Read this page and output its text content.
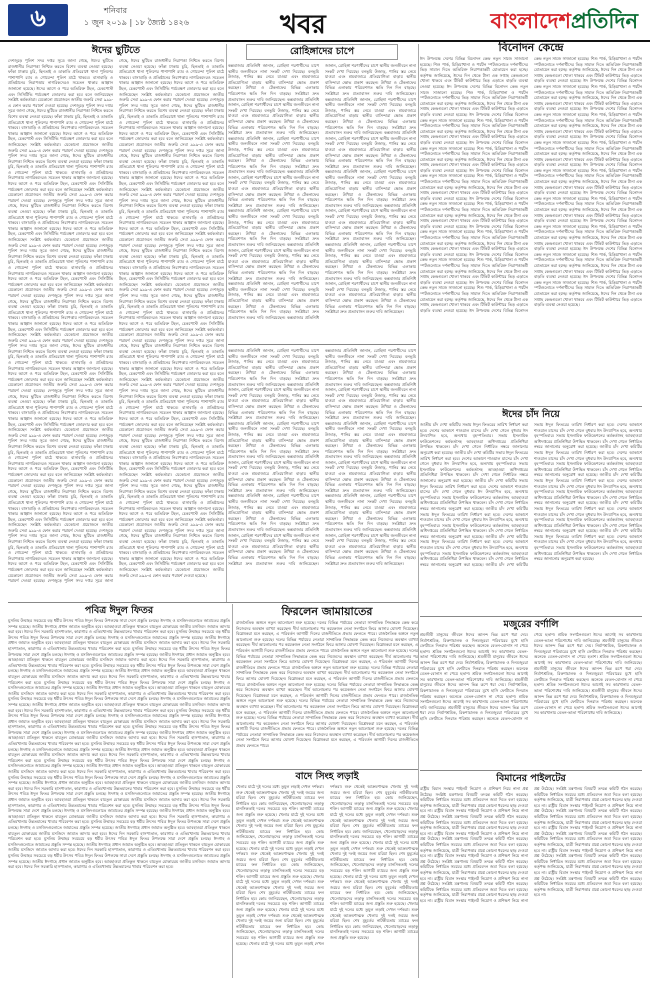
৬	শনিবার
১ জুন ২০১৯ | ১৮ জ্যৈষ্ঠ ১৪২৬	খবর	বাংলাদেশপ্রতিদিন
ঈদের ছুটিতে
দেশজুড়ে পুলিশ সদর দপ্তর সূত্রে জানা গেছে, ঈদের ছুটিতে রাজধানীর নিরাপত্তা নিশ্চিত করতে বিশেষ ব্যবস্থা নেওয়া হয়েছে। ফাঁকা ঢাকায় চুরি, ছিনতাই ও ডাকাতি প্রতিরোধে থানা পুলিশের পাশাপাশি র‍্যাব ও গোয়েন্দা পুলিশ মাঠে থাকবে। বাসাবাড়ি ও প্রতিষ্ঠানের নিরাপত্তায় নাগরিকদেরও সচেতন থাকার আহ্বান জানানো হয়েছে। ঈদের আগে ও পরে অতিরিক্ত টহল, চেকপোস্ট এবং সিসিটিভি পর্যবেক্ষণ জোরদার করা হবে বলে জানিয়েছেন সংশ্লিষ্ট কর্মকর্তারা। যেকোনো প্রয়োজনে জাতীয় জরুরি সেবা ৯৯৯-এ ফোন করার পরামর্শ দেওয়া হয়েছে। দেশজুড়ে পুলিশ সদর দপ্তর সূত্রে জানা গেছে, ঈদের ছুটিতে রাজধানীর নিরাপত্তা নিশ্চিত করতে বিশেষ ব্যবস্থা নেওয়া হয়েছে। ফাঁকা ঢাকায় চুরি, ছিনতাই ও ডাকাতি প্রতিরোধে থানা পুলিশের পাশাপাশি র‍্যাব ও গোয়েন্দা পুলিশ মাঠে থাকবে। বাসাবাড়ি ও প্রতিষ্ঠানের নিরাপত্তায় নাগরিকদেরও সচেতন থাকার আহ্বান জানানো হয়েছে। ঈদের আগে ও পরে অতিরিক্ত টহল, চেকপোস্ট এবং সিসিটিভি পর্যবেক্ষণ জোরদার করা হবে বলে জানিয়েছেন সংশ্লিষ্ট কর্মকর্তারা। যেকোনো প্রয়োজনে জাতীয় জরুরি সেবা ৯৯৯-এ ফোন করার পরামর্শ দেওয়া হয়েছে। দেশজুড়ে পুলিশ সদর দপ্তর সূত্রে জানা গেছে, ঈদের ছুটিতে রাজধানীর নিরাপত্তা নিশ্চিত করতে বিশেষ ব্যবস্থা নেওয়া হয়েছে। ফাঁকা ঢাকায় চুরি, ছিনতাই ও ডাকাতি প্রতিরোধে থানা পুলিশের পাশাপাশি র‍্যাব ও গোয়েন্দা পুলিশ মাঠে থাকবে। বাসাবাড়ি ও প্রতিষ্ঠানের নিরাপত্তায় নাগরিকদেরও সচেতন থাকার আহ্বান জানানো হয়েছে। ঈদের আগে ও পরে অতিরিক্ত টহল, চেকপোস্ট এবং সিসিটিভি পর্যবেক্ষণ জোরদার করা হবে বলে জানিয়েছেন সংশ্লিষ্ট কর্মকর্তারা। যেকোনো প্রয়োজনে জাতীয় জরুরি সেবা ৯৯৯-এ ফোন করার পরামর্শ দেওয়া হয়েছে। দেশজুড়ে পুলিশ সদর দপ্তর সূত্রে জানা গেছে, ঈদের ছুটিতে রাজধানীর নিরাপত্তা নিশ্চিত করতে বিশেষ ব্যবস্থা নেওয়া হয়েছে। ফাঁকা ঢাকায় চুরি, ছিনতাই ও ডাকাতি প্রতিরোধে থানা পুলিশের পাশাপাশি র‍্যাব ও গোয়েন্দা পুলিশ মাঠে থাকবে। বাসাবাড়ি ও প্রতিষ্ঠানের নিরাপত্তায় নাগরিকদেরও সচেতন থাকার আহ্বান জানানো হয়েছে। ঈদের আগে ও পরে অতিরিক্ত টহল, চেকপোস্ট এবং সিসিটিভি পর্যবেক্ষণ জোরদার করা হবে বলে জানিয়েছেন সংশ্লিষ্ট কর্মকর্তারা। যেকোনো প্রয়োজনে জাতীয় জরুরি সেবা ৯৯৯-এ ফোন করার পরামর্শ দেওয়া হয়েছে। দেশজুড়ে পুলিশ সদর দপ্তর সূত্রে জানা গেছে, ঈদের ছুটিতে রাজধানীর নিরাপত্তা নিশ্চিত করতে বিশেষ ব্যবস্থা নেওয়া হয়েছে। ফাঁকা ঢাকায় চুরি, ছিনতাই ও ডাকাতি প্রতিরোধে থানা পুলিশের পাশাপাশি র‍্যাব ও গোয়েন্দা পুলিশ মাঠে থাকবে। বাসাবাড়ি ও প্রতিষ্ঠানের নিরাপত্তায় নাগরিকদেরও সচেতন থাকার আহ্বান জানানো হয়েছে। ঈদের আগে ও পরে অতিরিক্ত টহল, চেকপোস্ট এবং সিসিটিভি পর্যবেক্ষণ জোরদার করা হবে বলে জানিয়েছেন সংশ্লিষ্ট কর্মকর্তারা। যেকোনো প্রয়োজনে জাতীয় জরুরি সেবা ৯৯৯-এ ফোন করার পরামর্শ দেওয়া হয়েছে। দেশজুড়ে পুলিশ সদর দপ্তর সূত্রে জানা গেছে, ঈদের ছুটিতে রাজধানীর নিরাপত্তা নিশ্চিত করতে বিশেষ ব্যবস্থা নেওয়া হয়েছে। ফাঁকা ঢাকায় চুরি, ছিনতাই ও ডাকাতি প্রতিরোধে থানা পুলিশের পাশাপাশি র‍্যাব ও গোয়েন্দা পুলিশ মাঠে থাকবে। বাসাবাড়ি ও প্রতিষ্ঠানের নিরাপত্তায় নাগরিকদেরও সচেতন থাকার আহ্বান জানানো হয়েছে। ঈদের আগে ও পরে অতিরিক্ত টহল, চেকপোস্ট এবং সিসিটিভি পর্যবেক্ষণ জোরদার করা হবে বলে জানিয়েছেন সংশ্লিষ্ট কর্মকর্তারা। যেকোনো প্রয়োজনে জাতীয় জরুরি সেবা ৯৯৯-এ ফোন করার পরামর্শ দেওয়া হয়েছে। দেশজুড়ে পুলিশ সদর দপ্তর সূত্রে জানা গেছে, ঈদের ছুটিতে রাজধানীর নিরাপত্তা নিশ্চিত করতে বিশেষ ব্যবস্থা নেওয়া হয়েছে। ফাঁকা ঢাকায় চুরি, ছিনতাই ও ডাকাতি প্রতিরোধে থানা পুলিশের পাশাপাশি র‍্যাব ও গোয়েন্দা পুলিশ মাঠে থাকবে। বাসাবাড়ি ও প্রতিষ্ঠানের নিরাপত্তায় নাগরিকদেরও সচেতন থাকার আহ্বান জানানো হয়েছে। ঈদের আগে ও পরে অতিরিক্ত টহল, চেকপোস্ট এবং সিসিটিভি পর্যবেক্ষণ জোরদার করা হবে বলে জানিয়েছেন সংশ্লিষ্ট কর্মকর্তারা। যেকোনো প্রয়োজনে জাতীয় জরুরি সেবা ৯৯৯-এ ফোন করার পরামর্শ দেওয়া হয়েছে। দেশজুড়ে পুলিশ সদর দপ্তর সূত্রে জানা গেছে, ঈদের ছুটিতে রাজধানীর নিরাপত্তা নিশ্চিত করতে বিশেষ ব্যবস্থা নেওয়া হয়েছে। ফাঁকা ঢাকায় চুরি, ছিনতাই ও ডাকাতি প্রতিরোধে থানা পুলিশের পাশাপাশি র‍্যাব ও গোয়েন্দা পুলিশ মাঠে থাকবে। বাসাবাড়ি ও প্রতিষ্ঠানের নিরাপত্তায় নাগরিকদেরও সচেতন থাকার আহ্বান জানানো হয়েছে। ঈদের আগে ও পরে অতিরিক্ত টহল, চেকপোস্ট এবং সিসিটিভি পর্যবেক্ষণ জোরদার করা হবে বলে জানিয়েছেন সংশ্লিষ্ট কর্মকর্তারা। যেকোনো প্রয়োজনে জাতীয় জরুরি সেবা ৯৯৯-এ ফোন করার পরামর্শ দেওয়া হয়েছে। দেশজুড়ে পুলিশ সদর দপ্তর সূত্রে জানা গেছে, ঈদের ছুটিতে রাজধানীর নিরাপত্তা নিশ্চিত করতে বিশেষ ব্যবস্থা নেওয়া হয়েছে। ফাঁকা ঢাকায় চুরি, ছিনতাই ও ডাকাতি প্রতিরোধে থানা পুলিশের পাশাপাশি র‍্যাব ও গোয়েন্দা পুলিশ মাঠে থাকবে। বাসাবাড়ি ও প্রতিষ্ঠানের নিরাপত্তায় নাগরিকদেরও সচেতন থাকার আহ্বান জানানো হয়েছে। ঈদের আগে ও পরে অতিরিক্ত টহল, চেকপোস্ট এবং সিসিটিভি পর্যবেক্ষণ জোরদার করা হবে বলে জানিয়েছেন সংশ্লিষ্ট কর্মকর্তারা। যেকোনো প্রয়োজনে জাতীয় জরুরি সেবা ৯৯৯-এ ফোন করার পরামর্শ দেওয়া হয়েছে। দেশজুড়ে পুলিশ সদর দপ্তর সূত্রে জানা গেছে, ঈদের ছুটিতে রাজধানীর নিরাপত্তা নিশ্চিত করতে বিশেষ ব্যবস্থা নেওয়া হয়েছে। ফাঁকা ঢাকায় চুরি, ছিনতাই ও ডাকাতি প্রতিরোধে থানা পুলিশের পাশাপাশি র‍্যাব ও গোয়েন্দা পুলিশ মাঠে থাকবে। বাসাবাড়ি ও প্রতিষ্ঠানের নিরাপত্তায় নাগরিকদেরও সচেতন থাকার আহ্বান জানানো হয়েছে। ঈদের আগে ও পরে অতিরিক্ত টহল, চেকপোস্ট এবং সিসিটিভি পর্যবেক্ষণ জোরদার করা হবে বলে জানিয়েছেন সংশ্লিষ্ট কর্মকর্তারা। যেকোনো প্রয়োজনে জাতীয় জরুরি সেবা ৯৯৯-এ ফোন করার পরামর্শ দেওয়া হয়েছে। দেশজুড়ে পুলিশ সদর দপ্তর সূত্রে জানা গেছে, ঈদের ছুটিতে রাজধানীর নিরাপত্তা নিশ্চিত করতে বিশেষ ব্যবস্থা নেওয়া হয়েছে। ফাঁকা ঢাকায় চুরি, ছিনতাই ও ডাকাতি প্রতিরোধে থানা পুলিশের পাশাপাশি র‍্যাব ও গোয়েন্দা পুলিশ মাঠে থাকবে। বাসাবাড়ি ও প্রতিষ্ঠানের নিরাপত্তায় নাগরিকদেরও সচেতন থাকার আহ্বান জানানো হয়েছে। ঈদের আগে ও পরে অতিরিক্ত টহল, চেকপোস্ট এবং সিসিটিভি পর্যবেক্ষণ জোরদার করা হবে বলে জানিয়েছেন সংশ্লিষ্ট কর্মকর্তারা। যেকোনো প্রয়োজনে জাতীয় জরুরি সেবা ৯৯৯-এ ফোন করার পরামর্শ দেওয়া হয়েছে। দেশজুড়ে পুলিশ সদর দপ্তর সূত্রে জানা গেছে, ঈদের ছুটিতে রাজধানীর নিরাপত্তা নিশ্চিত করতে বিশেষ ব্যবস্থা নেওয়া হয়েছে। ফাঁকা ঢাকায় চুরি, ছিনতাই ও ডাকাতি প্রতিরোধে থানা পুলিশের পাশাপাশি র‍্যাব ও গোয়েন্দা পুলিশ মাঠে থাকবে। বাসাবাড়ি ও প্রতিষ্ঠানের নিরাপত্তায় নাগরিকদেরও সচেতন থাকার আহ্বান জানানো হয়েছে। ঈদের আগে ও পরে অতিরিক্ত টহল, চেকপোস্ট এবং সিসিটিভি পর্যবেক্ষণ জোরদার করা হবে বলে জানিয়েছেন সংশ্লিষ্ট কর্মকর্তারা। যেকোনো প্রয়োজনে জাতীয় জরুরি সেবা ৯৯৯-এ ফোন করার পরামর্শ দেওয়া হয়েছে। দেশজুড়ে পুলিশ সদর দপ্তর সূত্রে জানা গেছে, ঈদের ছুটিতে রাজধানীর নিরাপত্তা নিশ্চিত করতে বিশেষ ব্যবস্থা নেওয়া হয়েছে। ফাঁকা ঢাকায় চুরি, ছিনতাই ও ডাকাতি প্রতিরোধে থানা পুলিশের পাশাপাশি র‍্যাব ও গোয়েন্দা পুলিশ মাঠে থাকবে। বাসাবাড়ি ও প্রতিষ্ঠানের নিরাপত্তায় নাগরিকদেরও সচেতন থাকার আহ্বান জানানো হয়েছে। ঈদের আগে ও পরে অতিরিক্ত টহল, চেকপোস্ট এবং সিসিটিভি পর্যবেক্ষণ জোরদার করা হবে বলে জানিয়েছেন সংশ্লিষ্ট কর্মকর্তারা। যেকোনো প্রয়োজনে জাতীয় জরুরি সেবা ৯৯৯-এ ফোন করার পরামর্শ দেওয়া হয়েছে। দেশজুড়ে পুলিশ সদর দপ্তর সূত্রে জানা গেছে, ঈদের ছুটিতে রাজধানীর নিরাপত্তা নিশ্চিত করতে বিশেষ ব্যবস্থা নেওয়া হয়েছে। ফাঁকা ঢাকায় চুরি, ছিনতাই ও ডাকাতি প্রতিরোধে থানা পুলিশের পাশাপাশি র‍্যাব ও গোয়েন্দা পুলিশ মাঠে থাকবে। বাসাবাড়ি ও প্রতিষ্ঠানের নিরাপত্তায় নাগরিকদেরও সচেতন থাকার আহ্বান জানানো হয়েছে। ঈদের আগে ও পরে অতিরিক্ত টহল, চেকপোস্ট এবং সিসিটিভি পর্যবেক্ষণ জোরদার করা হবে বলে জানিয়েছেন সংশ্লিষ্ট কর্মকর্তারা। যেকোনো প্রয়োজনে জাতীয় জরুরি সেবা ৯৯৯-এ ফোন করার পরামর্শ দেওয়া হয়েছে। দেশজুড়ে পুলিশ সদর দপ্তর সূত্রে জানা গেছে, ঈদের ছুটিতে রাজধানীর নিরাপত্তা নিশ্চিত করতে বিশেষ ব্যবস্থা নেওয়া হয়েছে। ফাঁকা ঢাকায় চুরি, ছিনতাই ও ডাকাতি প্রতিরোধে থানা পুলিশের পাশাপাশি র‍্যাব ও গোয়েন্দা পুলিশ মাঠে থাকবে। বাসাবাড়ি ও প্রতিষ্ঠানের নিরাপত্তায় নাগরিকদেরও সচেতন থাকার আহ্বান জানানো হয়েছে। ঈদের আগে ও পরে অতিরিক্ত টহল, চেকপোস্ট এবং সিসিটিভি পর্যবেক্ষণ জোরদার করা হবে বলে জানিয়েছেন সংশ্লিষ্ট কর্মকর্তারা। যেকোনো প্রয়োজনে জাতীয় জরুরি সেবা ৯৯৯-এ ফোন করার পরামর্শ দেওয়া হয়েছে। দেশজুড়ে পুলিশ সদর দপ্তর সূত্রে জানা গেছে, ঈদের ছুটিতে রাজধানীর নিরাপত্তা নিশ্চিত করতে বিশেষ ব্যবস্থা নেওয়া হয়েছে। ফাঁকা ঢাকায় চুরি, ছিনতাই ও ডাকাতি প্রতিরোধে থানা পুলিশের পাশাপাশি র‍্যাব ও গোয়েন্দা পুলিশ মাঠে থাকবে। বাসাবাড়ি ও প্রতিষ্ঠানের নিরাপত্তায় নাগরিকদেরও সচেতন থাকার আহ্বান জানানো হয়েছে। ঈদের আগে ও পরে অতিরিক্ত টহল, চেকপোস্ট এবং সিসিটিভি পর্যবেক্ষণ জোরদার করা হবে বলে জানিয়েছেন সংশ্লিষ্ট কর্মকর্তারা। যেকোনো প্রয়োজনে জাতীয় জরুরি সেবা ৯৯৯-এ ফোন করার পরামর্শ দেওয়া হয়েছে। দেশজুড়ে পুলিশ সদর দপ্তর সূত্রে জানা গেছে, ঈদের ছুটিতে রাজধানীর নিরাপত্তা নিশ্চিত করতে বিশেষ ব্যবস্থা নেওয়া হয়েছে। ফাঁকা ঢাকায় চুরি, ছিনতাই ও ডাকাতি প্রতিরোধে থানা পুলিশের পাশাপাশি র‍্যাব ও গোয়েন্দা পুলিশ মাঠে থাকবে। বাসাবাড়ি ও প্রতিষ্ঠানের নিরাপত্তায় নাগরিকদেরও সচেতন থাকার আহ্বান জানানো হয়েছে। ঈদের আগে ও পরে অতিরিক্ত টহল, চেকপোস্ট এবং সিসিটিভি পর্যবেক্ষণ জোরদার করা হবে বলে জানিয়েছেন সংশ্লিষ্ট কর্মকর্তারা। যেকোনো প্রয়োজনে জাতীয় জরুরি সেবা ৯৯৯-এ ফোন করার পরামর্শ দেওয়া হয়েছে। দেশজুড়ে পুলিশ সদর দপ্তর সূত্রে জানা গেছে, ঈদের ছুটিতে রাজধানীর নিরাপত্তা নিশ্চিত করতে বিশেষ ব্যবস্থা নেওয়া হয়েছে। ফাঁকা ঢাকায় চুরি, ছিনতাই ও ডাকাতি প্রতিরোধে থানা পুলিশের পাশাপাশি র‍্যাব ও গোয়েন্দা পুলিশ মাঠে থাকবে। বাসাবাড়ি ও প্রতিষ্ঠানের নিরাপত্তায় নাগরিকদেরও সচেতন থাকার আহ্বান জানানো হয়েছে। ঈদের আগে ও পরে অতিরিক্ত টহল, চেকপোস্ট এবং সিসিটিভি পর্যবেক্ষণ জোরদার করা হবে বলে জানিয়েছেন সংশ্লিষ্ট কর্মকর্তারা। যেকোনো প্রয়োজনে জাতীয় জরুরি সেবা ৯৯৯-এ ফোন করার পরামর্শ দেওয়া হয়েছে। দেশজুড়ে পুলিশ সদর দপ্তর সূত্রে জানা গেছে, ঈদের ছুটিতে রাজধানীর নিরাপত্তা নিশ্চিত করতে বিশেষ ব্যবস্থা নেওয়া হয়েছে। ফাঁকা ঢাকায় চুরি, ছিনতাই ও ডাকাতি প্রতিরোধে থানা পুলিশের পাশাপাশি র‍্যাব ও গোয়েন্দা পুলিশ মাঠে থাকবে। বাসাবাড়ি ও প্রতিষ্ঠানের নিরাপত্তায় নাগরিকদেরও সচেতন থাকার আহ্বান জানানো হয়েছে। ঈদের আগে ও পরে অতিরিক্ত টহল, চেকপোস্ট এবং সিসিটিভি পর্যবেক্ষণ জোরদার করা হবে বলে জানিয়েছেন সংশ্লিষ্ট কর্মকর্তারা। যেকোনো প্রয়োজনে জাতীয় জরুরি সেবা ৯৯৯-এ ফোন করার পরামর্শ দেওয়া হয়েছে। দেশজুড়ে পুলিশ সদর দপ্তর সূত্রে জানা গেছে, ঈদের ছুটিতে রাজধানীর নিরাপত্তা নিশ্চিত করতে বিশেষ ব্যবস্থা নেওয়া হয়েছে। ফাঁকা ঢাকায় চুরি, ছিনতাই ও ডাকাতি প্রতিরোধে থানা পুলিশের পাশাপাশি র‍্যাব ও গোয়েন্দা পুলিশ মাঠে থাকবে। বাসাবাড়ি ও প্রতিষ্ঠানের নিরাপত্তায় নাগরিকদেরও সচেতন থাকার আহ্বান জানানো হয়েছে। ঈদের আগে ও পরে অতিরিক্ত টহল, চেকপোস্ট এবং সিসিটিভি পর্যবেক্ষণ জোরদার করা হবে বলে জানিয়েছেন সংশ্লিষ্ট কর্মকর্তারা। যেকোনো প্রয়োজনে জাতীয় জরুরি সেবা ৯৯৯-এ ফোন করার পরামর্শ দেওয়া হয়েছে। দেশজুড়ে পুলিশ সদর দপ্তর সূত্রে জানা গেছে, ঈদের ছুটিতে রাজধানীর নিরাপত্তা নিশ্চিত করতে বিশেষ ব্যবস্থা নেওয়া হয়েছে। ফাঁকা ঢাকায় চুরি, ছিনতাই ও ডাকাতি প্রতিরোধে থানা পুলিশের পাশাপাশি র‍্যাব ও গোয়েন্দা পুলিশ মাঠে থাকবে। বাসাবাড়ি ও প্রতিষ্ঠানের নিরাপত্তায় নাগরিকদেরও সচেতন থাকার আহ্বান জানানো হয়েছে। ঈদের আগে ও পরে অতিরিক্ত টহল, চেকপোস্ট এবং সিসিটিভি পর্যবেক্ষণ জোরদার করা হবে বলে জানিয়েছেন সংশ্লিষ্ট কর্মকর্তারা। যেকোনো প্রয়োজনে জাতীয় জরুরি সেবা ৯৯৯-এ ফোন করার পরামর্শ দেওয়া হয়েছে। দেশজুড়ে পুলিশ সদর দপ্তর সূত্রে জানা গেছে, ঈদের ছুটিতে রাজধানীর নিরাপত্তা নিশ্চিত করতে বিশেষ ব্যবস্থা নেওয়া হয়েছে। ফাঁকা ঢাকায় চুরি, ছিনতাই ও ডাকাতি প্রতিরোধে থানা পুলিশের পাশাপাশি র‍্যাব ও গোয়েন্দা পুলিশ মাঠে থাকবে। বাসাবাড়ি ও প্রতিষ্ঠানের নিরাপত্তায় নাগরিকদেরও সচেতন থাকার আহ্বান জানানো হয়েছে। ঈদের আগে ও পরে অতিরিক্ত টহল, চেকপোস্ট এবং সিসিটিভি পর্যবেক্ষণ জোরদার করা হবে বলে জানিয়েছেন সংশ্লিষ্ট কর্মকর্তারা। যেকোনো প্রয়োজনে জাতীয় জরুরি সেবা ৯৯৯-এ ফোন করার পরামর্শ দেওয়া হয়েছে।
রোহিঙ্গাদের চাপে
কক্সবাজার প্রতিনিধি জানান, রোহিঙ্গা শরণার্থীদের চাপে স্থানীয় জনজীবনে নানা সংকট দেখা দিয়েছে। বনভূমি উজাড়, পানির স্তর নেমে যাওয়া এবং শ্রমবাজারে প্রতিযোগিতা বাড়ায় স্থানীয় বাসিন্দারা ক্ষোভ প্রকাশ করছেন। উখিয়া ও টেকনাফের বিভিন্ন এলাকায় পরিবেশগত ক্ষতি দিন দিন বাড়ছে। সংশ্লিষ্টরা দ্রুত প্রত্যাবাসন শুরুর দাবি জানিয়েছেন। কক্সবাজার প্রতিনিধি জানান, রোহিঙ্গা শরণার্থীদের চাপে স্থানীয় জনজীবনে নানা সংকট দেখা দিয়েছে। বনভূমি উজাড়, পানির স্তর নেমে যাওয়া এবং শ্রমবাজারে প্রতিযোগিতা বাড়ায় স্থানীয় বাসিন্দারা ক্ষোভ প্রকাশ করছেন। উখিয়া ও টেকনাফের বিভিন্ন এলাকায় পরিবেশগত ক্ষতি দিন দিন বাড়ছে। সংশ্লিষ্টরা দ্রুত প্রত্যাবাসন শুরুর দাবি জানিয়েছেন। কক্সবাজার প্রতিনিধি জানান, রোহিঙ্গা শরণার্থীদের চাপে স্থানীয় জনজীবনে নানা সংকট দেখা দিয়েছে। বনভূমি উজাড়, পানির স্তর নেমে যাওয়া এবং শ্রমবাজারে প্রতিযোগিতা বাড়ায় স্থানীয় বাসিন্দারা ক্ষোভ প্রকাশ করছেন। উখিয়া ও টেকনাফের বিভিন্ন এলাকায় পরিবেশগত ক্ষতি দিন দিন বাড়ছে। সংশ্লিষ্টরা দ্রুত প্রত্যাবাসন শুরুর দাবি জানিয়েছেন। কক্সবাজার প্রতিনিধি জানান, রোহিঙ্গা শরণার্থীদের চাপে স্থানীয় জনজীবনে নানা সংকট দেখা দিয়েছে। বনভূমি উজাড়, পানির স্তর নেমে যাওয়া এবং শ্রমবাজারে প্রতিযোগিতা বাড়ায় স্থানীয় বাসিন্দারা ক্ষোভ প্রকাশ করছেন। উখিয়া ও টেকনাফের বিভিন্ন এলাকায় পরিবেশগত ক্ষতি দিন দিন বাড়ছে। সংশ্লিষ্টরা দ্রুত প্রত্যাবাসন শুরুর দাবি জানিয়েছেন। কক্সবাজার প্রতিনিধি জানান, রোহিঙ্গা শরণার্থীদের চাপে স্থানীয় জনজীবনে নানা সংকট দেখা দিয়েছে। বনভূমি উজাড়, পানির স্তর নেমে যাওয়া এবং শ্রমবাজারে প্রতিযোগিতা বাড়ায় স্থানীয় বাসিন্দারা ক্ষোভ প্রকাশ করছেন। উখিয়া ও টেকনাফের বিভিন্ন এলাকায় পরিবেশগত ক্ষতি দিন দিন বাড়ছে। সংশ্লিষ্টরা দ্রুত প্রত্যাবাসন শুরুর দাবি জানিয়েছেন। কক্সবাজার প্রতিনিধি জানান, রোহিঙ্গা শরণার্থীদের চাপে স্থানীয় জনজীবনে নানা সংকট দেখা দিয়েছে। বনভূমি উজাড়, পানির স্তর নেমে যাওয়া এবং শ্রমবাজারে প্রতিযোগিতা বাড়ায় স্থানীয় বাসিন্দারা ক্ষোভ প্রকাশ করছেন। উখিয়া ও টেকনাফের বিভিন্ন এলাকায় পরিবেশগত ক্ষতি দিন দিন বাড়ছে। সংশ্লিষ্টরা দ্রুত প্রত্যাবাসন শুরুর দাবি জানিয়েছেন। কক্সবাজার প্রতিনিধি জানান, রোহিঙ্গা শরণার্থীদের চাপে স্থানীয় জনজীবনে নানা সংকট দেখা দিয়েছে। বনভূমি উজাড়, পানির স্তর নেমে যাওয়া এবং শ্রমবাজারে প্রতিযোগিতা বাড়ায় স্থানীয় বাসিন্দারা ক্ষোভ প্রকাশ করছেন। উখিয়া ও টেকনাফের বিভিন্ন এলাকায় পরিবেশগত ক্ষতি দিন দিন বাড়ছে। সংশ্লিষ্টরা দ্রুত প্রত্যাবাসন শুরুর দাবি জানিয়েছেন। কক্সবাজার প্রতিনিধি জানান, রোহিঙ্গা শরণার্থীদের চাপে স্থানীয় জনজীবনে নানা সংকট দেখা দিয়েছে। বনভূমি উজাড়, পানির স্তর নেমে যাওয়া এবং শ্রমবাজারে প্রতিযোগিতা বাড়ায় স্থানীয় বাসিন্দারা ক্ষোভ প্রকাশ করছেন। উখিয়া ও টেকনাফের বিভিন্ন এলাকায় পরিবেশগত ক্ষতি দিন দিন বাড়ছে। সংশ্লিষ্টরা দ্রুত প্রত্যাবাসন শুরুর দাবি জানিয়েছেন। কক্সবাজার প্রতিনিধি জানান, রোহিঙ্গা শরণার্থীদের চাপে স্থানীয় জনজীবনে নানা সংকট দেখা দিয়েছে। বনভূমি উজাড়, পানির স্তর নেমে যাওয়া এবং শ্রমবাজারে প্রতিযোগিতা বাড়ায় স্থানীয় বাসিন্দারা ক্ষোভ প্রকাশ করছেন। উখিয়া ও টেকনাফের বিভিন্ন এলাকায় পরিবেশগত ক্ষতি দিন দিন বাড়ছে। সংশ্লিষ্টরা দ্রুত প্রত্যাবাসন শুরুর দাবি জানিয়েছেন। কক্সবাজার প্রতিনিধি জানান, রোহিঙ্গা শরণার্থীদের চাপে স্থানীয় জনজীবনে নানা সংকট দেখা দিয়েছে। বনভূমি উজাড়, পানির স্তর নেমে যাওয়া এবং শ্রমবাজারে প্রতিযোগিতা বাড়ায় স্থানীয় বাসিন্দারা ক্ষোভ প্রকাশ করছেন। উখিয়া ও টেকনাফের বিভিন্ন এলাকায় পরিবেশগত ক্ষতি দিন দিন বাড়ছে। সংশ্লিষ্টরা দ্রুত প্রত্যাবাসন শুরুর দাবি জানিয়েছেন। কক্সবাজার প্রতিনিধি জানান, রোহিঙ্গা শরণার্থীদের চাপে স্থানীয় জনজীবনে নানা সংকট দেখা দিয়েছে। বনভূমি উজাড়, পানির স্তর নেমে যাওয়া এবং শ্রমবাজারে প্রতিযোগিতা বাড়ায় স্থানীয় বাসিন্দারা ক্ষোভ প্রকাশ করছেন। উখিয়া ও টেকনাফের বিভিন্ন এলাকায় পরিবেশগত ক্ষতি দিন দিন বাড়ছে। সংশ্লিষ্টরা দ্রুত প্রত্যাবাসন শুরুর দাবি জানিয়েছেন। কক্সবাজার প্রতিনিধি জানান, রোহিঙ্গা শরণার্থীদের চাপে স্থানীয় জনজীবনে নানা সংকট দেখা দিয়েছে। বনভূমি উজাড়, পানির স্তর নেমে যাওয়া এবং শ্রমবাজারে প্রতিযোগিতা বাড়ায় স্থানীয় বাসিন্দারা ক্ষোভ প্রকাশ করছেন। উখিয়া ও টেকনাফের বিভিন্ন এলাকায় পরিবেশগত ক্ষতি দিন দিন বাড়ছে। সংশ্লিষ্টরা দ্রুত প্রত্যাবাসন শুরুর দাবি জানিয়েছেন। কক্সবাজার প্রতিনিধি জানান, রোহিঙ্গা শরণার্থীদের চাপে স্থানীয় জনজীবনে নানা সংকট দেখা দিয়েছে। বনভূমি উজাড়, পানির স্তর নেমে যাওয়া এবং শ্রমবাজারে প্রতিযোগিতা বাড়ায় স্থানীয় বাসিন্দারা ক্ষোভ প্রকাশ করছেন। উখিয়া ও টেকনাফের বিভিন্ন এলাকায় পরিবেশগত ক্ষতি দিন দিন বাড়ছে। সংশ্লিষ্টরা দ্রুত প্রত্যাবাসন শুরুর দাবি জানিয়েছেন। কক্সবাজার প্রতিনিধি জানান, রোহিঙ্গা শরণার্থীদের চাপে স্থানীয় জনজীবনে নানা সংকট দেখা দিয়েছে। বনভূমি উজাড়, পানির স্তর নেমে যাওয়া এবং শ্রমবাজারে প্রতিযোগিতা বাড়ায় স্থানীয় বাসিন্দারা ক্ষোভ প্রকাশ করছেন। উখিয়া ও টেকনাফের বিভিন্ন এলাকায় পরিবেশগত ক্ষতি দিন দিন বাড়ছে। সংশ্লিষ্টরা দ্রুত প্রত্যাবাসন শুরুর দাবি জানিয়েছেন।
বিনোদন কেন্দ্রে
ঈদ উপলক্ষে দেশের বিভিন্ন বিনোদন কেন্দ্র নতুন সাজে সাজানো হয়েছে। শিশু পার্ক, চিড়িয়াখানা ও পর্যটন স্পটগুলোতে দর্শনার্থীদের ভিড় সামাল দিতে অতিরিক্ত নিরাপত্তাকর্মী মোতায়েন করা হচ্ছে। কর্তৃপক্ষ জানিয়েছে, ঈদের দিন থেকে টানা এক সপ্তাহ কেন্দ্রগুলো খোলা থাকবে এবং টিকিট কাউন্টারে ভিড় এড়াতে বাড়তি ব্যবস্থা নেওয়া হয়েছে। ঈদ উপলক্ষে দেশের বিভিন্ন বিনোদন কেন্দ্র নতুন সাজে সাজানো হয়েছে। শিশু পার্ক, চিড়িয়াখানা ও পর্যটন স্পটগুলোতে দর্শনার্থীদের ভিড় সামাল দিতে অতিরিক্ত নিরাপত্তাকর্মী মোতায়েন করা হচ্ছে। কর্তৃপক্ষ জানিয়েছে, ঈদের দিন থেকে টানা এক সপ্তাহ কেন্দ্রগুলো খোলা থাকবে এবং টিকিট কাউন্টারে ভিড় এড়াতে বাড়তি ব্যবস্থা নেওয়া হয়েছে। ঈদ উপলক্ষে দেশের বিভিন্ন বিনোদন কেন্দ্র নতুন সাজে সাজানো হয়েছে। শিশু পার্ক, চিড়িয়াখানা ও পর্যটন স্পটগুলোতে দর্শনার্থীদের ভিড় সামাল দিতে অতিরিক্ত নিরাপত্তাকর্মী মোতায়েন করা হচ্ছে। কর্তৃপক্ষ জানিয়েছে, ঈদের দিন থেকে টানা এক সপ্তাহ কেন্দ্রগুলো খোলা থাকবে এবং টিকিট কাউন্টারে ভিড় এড়াতে বাড়তি ব্যবস্থা নেওয়া হয়েছে। ঈদ উপলক্ষে দেশের বিভিন্ন বিনোদন কেন্দ্র নতুন সাজে সাজানো হয়েছে। শিশু পার্ক, চিড়িয়াখানা ও পর্যটন স্পটগুলোতে দর্শনার্থীদের ভিড় সামাল দিতে অতিরিক্ত নিরাপত্তাকর্মী মোতায়েন করা হচ্ছে। কর্তৃপক্ষ জানিয়েছে, ঈদের দিন থেকে টানা এক সপ্তাহ কেন্দ্রগুলো খোলা থাকবে এবং টিকিট কাউন্টারে ভিড় এড়াতে বাড়তি ব্যবস্থা নেওয়া হয়েছে। ঈদ উপলক্ষে দেশের বিভিন্ন বিনোদন কেন্দ্র নতুন সাজে সাজানো হয়েছে। শিশু পার্ক, চিড়িয়াখানা ও পর্যটন স্পটগুলোতে দর্শনার্থীদের ভিড় সামাল দিতে অতিরিক্ত নিরাপত্তাকর্মী মোতায়েন করা হচ্ছে। কর্তৃপক্ষ জানিয়েছে, ঈদের দিন থেকে টানা এক সপ্তাহ কেন্দ্রগুলো খোলা থাকবে এবং টিকিট কাউন্টারে ভিড় এড়াতে বাড়তি ব্যবস্থা নেওয়া হয়েছে। ঈদ উপলক্ষে দেশের বিভিন্ন বিনোদন কেন্দ্র নতুন সাজে সাজানো হয়েছে। শিশু পার্ক, চিড়িয়াখানা ও পর্যটন স্পটগুলোতে দর্শনার্থীদের ভিড় সামাল দিতে অতিরিক্ত নিরাপত্তাকর্মী মোতায়েন করা হচ্ছে। কর্তৃপক্ষ জানিয়েছে, ঈদের দিন থেকে টানা এক সপ্তাহ কেন্দ্রগুলো খোলা থাকবে এবং টিকিট কাউন্টারে ভিড় এড়াতে বাড়তি ব্যবস্থা নেওয়া হয়েছে। ঈদ উপলক্ষে দেশের বিভিন্ন বিনোদন কেন্দ্র নতুন সাজে সাজানো হয়েছে। শিশু পার্ক, চিড়িয়াখানা ও পর্যটন স্পটগুলোতে দর্শনার্থীদের ভিড় সামাল দিতে অতিরিক্ত নিরাপত্তাকর্মী মোতায়েন করা হচ্ছে। কর্তৃপক্ষ জানিয়েছে, ঈদের দিন থেকে টানা এক সপ্তাহ কেন্দ্রগুলো খোলা থাকবে এবং টিকিট কাউন্টারে ভিড় এড়াতে বাড়তি ব্যবস্থা নেওয়া হয়েছে। ঈদ উপলক্ষে দেশের বিভিন্ন বিনোদন কেন্দ্র নতুন সাজে সাজানো হয়েছে। শিশু পার্ক, চিড়িয়াখানা ও পর্যটন স্পটগুলোতে দর্শনার্থীদের ভিড় সামাল দিতে অতিরিক্ত নিরাপত্তাকর্মী মোতায়েন করা হচ্ছে। কর্তৃপক্ষ জানিয়েছে, ঈদের দিন থেকে টানা এক সপ্তাহ কেন্দ্রগুলো খোলা থাকবে এবং টিকিট কাউন্টারে ভিড় এড়াতে বাড়তি ব্যবস্থা নেওয়া হয়েছে। ঈদ উপলক্ষে দেশের বিভিন্ন বিনোদন কেন্দ্র নতুন সাজে সাজানো হয়েছে। শিশু পার্ক, চিড়িয়াখানা ও পর্যটন স্পটগুলোতে দর্শনার্থীদের ভিড় সামাল দিতে অতিরিক্ত নিরাপত্তাকর্মী মোতায়েন করা হচ্ছে। কর্তৃপক্ষ জানিয়েছে, ঈদের দিন থেকে টানা এক সপ্তাহ কেন্দ্রগুলো খোলা থাকবে এবং টিকিট কাউন্টারে ভিড় এড়াতে বাড়তি ব্যবস্থা নেওয়া হয়েছে। ঈদ উপলক্ষে দেশের বিভিন্ন বিনোদন কেন্দ্র নতুন সাজে সাজানো হয়েছে। শিশু পার্ক, চিড়িয়াখানা ও পর্যটন স্পটগুলোতে দর্শনার্থীদের ভিড় সামাল দিতে অতিরিক্ত নিরাপত্তাকর্মী মোতায়েন করা হচ্ছে। কর্তৃপক্ষ জানিয়েছে, ঈদের দিন থেকে টানা এক সপ্তাহ কেন্দ্রগুলো খোলা থাকবে এবং টিকিট কাউন্টারে ভিড় এড়াতে বাড়তি ব্যবস্থা নেওয়া হয়েছে। ঈদ উপলক্ষে দেশের বিভিন্ন বিনোদন কেন্দ্র নতুন সাজে সাজানো হয়েছে। শিশু পার্ক, চিড়িয়াখানা ও পর্যটন স্পটগুলোতে দর্শনার্থীদের ভিড় সামাল দিতে অতিরিক্ত নিরাপত্তাকর্মী মোতায়েন করা হচ্ছে। কর্তৃপক্ষ জানিয়েছে, ঈদের দিন থেকে টানা এক সপ্তাহ কেন্দ্রগুলো খোলা থাকবে এবং টিকিট কাউন্টারে ভিড় এড়াতে বাড়তি ব্যবস্থা নেওয়া হয়েছে। ঈদ উপলক্ষে দেশের বিভিন্ন বিনোদন কেন্দ্র নতুন সাজে সাজানো হয়েছে। শিশু পার্ক, চিড়িয়াখানা ও পর্যটন স্পটগুলোতে দর্শনার্থীদের ভিড় সামাল দিতে অতিরিক্ত নিরাপত্তাকর্মী মোতায়েন করা হচ্ছে। কর্তৃপক্ষ জানিয়েছে, ঈদের দিন থেকে টানা এক সপ্তাহ কেন্দ্রগুলো খোলা থাকবে এবং টিকিট কাউন্টারে ভিড় এড়াতে বাড়তি ব্যবস্থা নেওয়া হয়েছে। ঈদ উপলক্ষে দেশের বিভিন্ন বিনোদন কেন্দ্র নতুন সাজে সাজানো হয়েছে। শিশু পার্ক, চিড়িয়াখানা ও পর্যটন স্পটগুলোতে দর্শনার্থীদের ভিড় সামাল দিতে অতিরিক্ত নিরাপত্তাকর্মী মোতায়েন করা হচ্ছে। কর্তৃপক্ষ জানিয়েছে, ঈদের দিন থেকে টানা এক সপ্তাহ কেন্দ্রগুলো খোলা থাকবে এবং টিকিট কাউন্টারে ভিড় এড়াতে বাড়তি ব্যবস্থা নেওয়া হয়েছে। ঈদ উপলক্ষে দেশের বিভিন্ন বিনোদন কেন্দ্র নতুন সাজে সাজানো হয়েছে। শিশু পার্ক, চিড়িয়াখানা ও পর্যটন স্পটগুলোতে দর্শনার্থীদের ভিড় সামাল দিতে অতিরিক্ত নিরাপত্তাকর্মী মোতায়েন করা হচ্ছে। কর্তৃপক্ষ জানিয়েছে, ঈদের দিন থেকে টানা এক সপ্তাহ কেন্দ্রগুলো খোলা থাকবে এবং টিকিট কাউন্টারে ভিড় এড়াতে বাড়তি ব্যবস্থা নেওয়া হয়েছে। ঈদ উপলক্ষে দেশের বিভিন্ন বিনোদন কেন্দ্র নতুন সাজে সাজানো হয়েছে। শিশু পার্ক, চিড়িয়াখানা ও পর্যটন স্পটগুলোতে দর্শনার্থীদের ভিড় সামাল দিতে অতিরিক্ত নিরাপত্তাকর্মী মোতায়েন করা হচ্ছে। কর্তৃপক্ষ জানিয়েছে, ঈদের দিন থেকে টানা এক সপ্তাহ কেন্দ্রগুলো খোলা থাকবে এবং টিকিট কাউন্টারে ভিড় এড়াতে বাড়তি ব্যবস্থা নেওয়া হয়েছে। ঈদ উপলক্ষে দেশের বিভিন্ন বিনোদন কেন্দ্র নতুন সাজে সাজানো হয়েছে। শিশু পার্ক, চিড়িয়াখানা ও পর্যটন স্পটগুলোতে দর্শনার্থীদের ভিড় সামাল দিতে অতিরিক্ত নিরাপত্তাকর্মী মোতায়েন করা হচ্ছে। কর্তৃপক্ষ জানিয়েছে, ঈদের দিন থেকে টানা এক সপ্তাহ কেন্দ্রগুলো খোলা থাকবে এবং টিকিট কাউন্টারে ভিড় এড়াতে বাড়তি ব্যবস্থা নেওয়া হয়েছে। ঈদ উপলক্ষে দেশের বিভিন্ন বিনোদন কেন্দ্র নতুন সাজে সাজানো হয়েছে। শিশু পার্ক, চিড়িয়াখানা ও পর্যটন স্পটগুলোতে দর্শনার্থীদের ভিড় সামাল দিতে অতিরিক্ত নিরাপত্তাকর্মী মোতায়েন করা হচ্ছে। কর্তৃপক্ষ জানিয়েছে, ঈদের দিন থেকে টানা এক সপ্তাহ কেন্দ্রগুলো খোলা থাকবে এবং টিকিট কাউন্টারে ভিড় এড়াতে বাড়তি ব্যবস্থা নেওয়া হয়েছে। ঈদ উপলক্ষে দেশের বিভিন্ন বিনোদন কেন্দ্র নতুন সাজে সাজানো হয়েছে। শিশু পার্ক, চিড়িয়াখানা ও পর্যটন স্পটগুলোতে দর্শনার্থীদের ভিড় সামাল দিতে অতিরিক্ত নিরাপত্তাকর্মী মোতায়েন করা হচ্ছে। কর্তৃপক্ষ জানিয়েছে, ঈদের দিন থেকে টানা এক সপ্তাহ কেন্দ্রগুলো খোলা থাকবে এবং টিকিট কাউন্টারে ভিড় এড়াতে বাড়তি ব্যবস্থা নেওয়া হয়েছে।
ঈদের চাঁদ নিয়ে
জাতীয় চাঁদ দেখা কমিটির সভায় ঈদুল ফিতরের তারিখ নির্ধারণ করা হবে। দেশের আকাশে শাওয়াল মাসের চাঁদ দেখা গেলে বুধবার ঈদ উদযাপিত হবে, অন্যথায় বৃহস্পতিবার। সভায় ইসলামিক ফাউন্ডেশনের কর্মকর্তাসহ আবহাওয়া অধিদপ্তরের প্রতিনিধিরা উপস্থিত থাকবেন। চাঁদ দেখা গেলে নির্ধারিত নম্বরে জানানোর অনুরোধ করা হয়েছে। জাতীয় চাঁদ দেখা কমিটির সভায় ঈদুল ফিতরের তারিখ নির্ধারণ করা হবে। দেশের আকাশে শাওয়াল মাসের চাঁদ দেখা গেলে বুধবার ঈদ উদযাপিত হবে, অন্যথায় বৃহস্পতিবার। সভায় ইসলামিক ফাউন্ডেশনের কর্মকর্তাসহ আবহাওয়া অধিদপ্তরের প্রতিনিধিরা উপস্থিত থাকবেন। চাঁদ দেখা গেলে নির্ধারিত নম্বরে জানানোর অনুরোধ করা হয়েছে। জাতীয় চাঁদ দেখা কমিটির সভায় ঈদুল ফিতরের তারিখ নির্ধারণ করা হবে। দেশের আকাশে শাওয়াল মাসের চাঁদ দেখা গেলে বুধবার ঈদ উদযাপিত হবে, অন্যথায় বৃহস্পতিবার। সভায় ইসলামিক ফাউন্ডেশনের কর্মকর্তাসহ আবহাওয়া অধিদপ্তরের প্রতিনিধিরা উপস্থিত থাকবেন। চাঁদ দেখা গেলে নির্ধারিত নম্বরে জানানোর অনুরোধ করা হয়েছে। জাতীয় চাঁদ দেখা কমিটির সভায় ঈদুল ফিতরের তারিখ নির্ধারণ করা হবে। দেশের আকাশে শাওয়াল মাসের চাঁদ দেখা গেলে বুধবার ঈদ উদযাপিত হবে, অন্যথায় বৃহস্পতিবার। সভায় ইসলামিক ফাউন্ডেশনের কর্মকর্তাসহ আবহাওয়া অধিদপ্তরের প্রতিনিধিরা উপস্থিত থাকবেন। চাঁদ দেখা গেলে নির্ধারিত নম্বরে জানানোর অনুরোধ করা হয়েছে। জাতীয় চাঁদ দেখা কমিটির সভায় ঈদুল ফিতরের তারিখ নির্ধারণ করা হবে। দেশের আকাশে শাওয়াল মাসের চাঁদ দেখা গেলে বুধবার ঈদ উদযাপিত হবে, অন্যথায় বৃহস্পতিবার। সভায় ইসলামিক ফাউন্ডেশনের কর্মকর্তাসহ আবহাওয়া অধিদপ্তরের প্রতিনিধিরা উপস্থিত থাকবেন। চাঁদ দেখা গেলে নির্ধারিত নম্বরে জানানোর অনুরোধ করা হয়েছে। জাতীয় চাঁদ দেখা কমিটির সভায় ঈদুল ফিতরের তারিখ নির্ধারণ করা হবে। দেশের আকাশে শাওয়াল মাসের চাঁদ দেখা গেলে বুধবার ঈদ উদযাপিত হবে, অন্যথায় বৃহস্পতিবার। সভায় ইসলামিক ফাউন্ডেশনের কর্মকর্তাসহ আবহাওয়া অধিদপ্তরের প্রতিনিধিরা উপস্থিত থাকবেন। চাঁদ দেখা গেলে নির্ধারিত নম্বরে জানানোর অনুরোধ করা হয়েছে। জাতীয় চাঁদ দেখা কমিটির সভায় ঈদুল ফিতরের তারিখ নির্ধারণ করা হবে। দেশের আকাশে শাওয়াল মাসের চাঁদ দেখা গেলে বুধবার ঈদ উদযাপিত হবে, অন্যথায় বৃহস্পতিবার। সভায় ইসলামিক ফাউন্ডেশনের কর্মকর্তাসহ আবহাওয়া অধিদপ্তরের প্রতিনিধিরা উপস্থিত থাকবেন। চাঁদ দেখা গেলে নির্ধারিত নম্বরে জানানোর অনুরোধ করা হয়েছে। জাতীয় চাঁদ দেখা কমিটির সভায় ঈদুল ফিতরের তারিখ নির্ধারণ করা হবে। দেশের আকাশে শাওয়াল মাসের চাঁদ দেখা গেলে বুধবার ঈদ উদযাপিত হবে, অন্যথায় বৃহস্পতিবার। সভায় ইসলামিক ফাউন্ডেশনের কর্মকর্তাসহ আবহাওয়া অধিদপ্তরের প্রতিনিধিরা উপস্থিত থাকবেন। চাঁদ দেখা গেলে নির্ধারিত নম্বরে জানানোর অনুরোধ করা হয়েছে। জাতীয় চাঁদ দেখা কমিটির সভায় ঈদুল ফিতরের তারিখ নির্ধারণ করা হবে। দেশের আকাশে শাওয়াল মাসের চাঁদ দেখা গেলে বুধবার ঈদ উদযাপিত হবে, অন্যথায় বৃহস্পতিবার। সভায় ইসলামিক ফাউন্ডেশনের কর্মকর্তাসহ আবহাওয়া অধিদপ্তরের প্রতিনিধিরা উপস্থিত থাকবেন। চাঁদ দেখা গেলে নির্ধারিত নম্বরে জানানোর অনুরোধ করা হয়েছে। জাতীয় চাঁদ দেখা কমিটির সভায় ঈদুল ফিতরের তারিখ নির্ধারণ করা হবে। দেশের আকাশে শাওয়াল মাসের চাঁদ দেখা গেলে বুধবার ঈদ উদযাপিত হবে, অন্যথায় বৃহস্পতিবার। সভায় ইসলামিক ফাউন্ডেশনের কর্মকর্তাসহ আবহাওয়া অধিদপ্তরের প্রতিনিধিরা উপস্থিত থাকবেন। চাঁদ দেখা গেলে নির্ধারিত নম্বরে জানানোর অনুরোধ করা হয়েছে।
পবিত্র ঈদুল ফিতর
মুসলিম উম্মাহর সবচেয়ে বড় ধর্মীয় উৎসব পবিত্র ঈদুল ফিতর উপলক্ষে সারা দেশে প্রস্তুতি চলছে। ঈদগাহ ও মসজিদগুলোতে জামাতের প্রস্তুতি সম্পন্ন হয়েছে। জাতীয় ঈদগাহে প্রধান জামাত অনুষ্ঠিত হবে। আবহাওয়া প্রতিকূল থাকলে বায়তুল মোকাররম জাতীয় মসজিদে জামাত আদায় করা হবে। ঈদের দিন সরকারি হাসপাতাল, কারাগার ও এতিমখানায় উন্নতমানের খাবার পরিবেশন করা হবে। মুসলিম উম্মাহর সবচেয়ে বড় ধর্মীয় উৎসব পবিত্র ঈদুল ফিতর উপলক্ষে সারা দেশে প্রস্তুতি চলছে। ঈদগাহ ও মসজিদগুলোতে জামাতের প্রস্তুতি সম্পন্ন হয়েছে। জাতীয় ঈদগাহে প্রধান জামাত অনুষ্ঠিত হবে। আবহাওয়া প্রতিকূল থাকলে বায়তুল মোকাররম জাতীয় মসজিদে জামাত আদায় করা হবে। ঈদের দিন সরকারি হাসপাতাল, কারাগার ও এতিমখানায় উন্নতমানের খাবার পরিবেশন করা হবে। মুসলিম উম্মাহর সবচেয়ে বড় ধর্মীয় উৎসব পবিত্র ঈদুল ফিতর উপলক্ষে সারা দেশে প্রস্তুতি চলছে। ঈদগাহ ও মসজিদগুলোতে জামাতের প্রস্তুতি সম্পন্ন হয়েছে। জাতীয় ঈদগাহে প্রধান জামাত অনুষ্ঠিত হবে। আবহাওয়া প্রতিকূল থাকলে বায়তুল মোকাররম জাতীয় মসজিদে জামাত আদায় করা হবে। ঈদের দিন সরকারি হাসপাতাল, কারাগার ও এতিমখানায় উন্নতমানের খাবার পরিবেশন করা হবে। মুসলিম উম্মাহর সবচেয়ে বড় ধর্মীয় উৎসব পবিত্র ঈদুল ফিতর উপলক্ষে সারা দেশে প্রস্তুতি চলছে। ঈদগাহ ও মসজিদগুলোতে জামাতের প্রস্তুতি সম্পন্ন হয়েছে। জাতীয় ঈদগাহে প্রধান জামাত অনুষ্ঠিত হবে। আবহাওয়া প্রতিকূল থাকলে বায়তুল মোকাররম জাতীয় মসজিদে জামাত আদায় করা হবে। ঈদের দিন সরকারি হাসপাতাল, কারাগার ও এতিমখানায় উন্নতমানের খাবার পরিবেশন করা হবে। মুসলিম উম্মাহর সবচেয়ে বড় ধর্মীয় উৎসব পবিত্র ঈদুল ফিতর উপলক্ষে সারা দেশে প্রস্তুতি চলছে। ঈদগাহ ও মসজিদগুলোতে জামাতের প্রস্তুতি সম্পন্ন হয়েছে। জাতীয় ঈদগাহে প্রধান জামাত অনুষ্ঠিত হবে। আবহাওয়া প্রতিকূল থাকলে বায়তুল মোকাররম জাতীয় মসজিদে জামাত আদায় করা হবে। ঈদের দিন সরকারি হাসপাতাল, কারাগার ও এতিমখানায় উন্নতমানের খাবার পরিবেশন করা হবে। মুসলিম উম্মাহর সবচেয়ে বড় ধর্মীয় উৎসব পবিত্র ঈদুল ফিতর উপলক্ষে সারা দেশে প্রস্তুতি চলছে। ঈদগাহ ও মসজিদগুলোতে জামাতের প্রস্তুতি সম্পন্ন হয়েছে। জাতীয় ঈদগাহে প্রধান জামাত অনুষ্ঠিত হবে। আবহাওয়া প্রতিকূল থাকলে বায়তুল মোকাররম জাতীয় মসজিদে জামাত আদায় করা হবে। ঈদের দিন সরকারি হাসপাতাল, কারাগার ও এতিমখানায় উন্নতমানের খাবার পরিবেশন করা হবে। মুসলিম উম্মাহর সবচেয়ে বড় ধর্মীয় উৎসব পবিত্র ঈদুল ফিতর উপলক্ষে সারা দেশে প্রস্তুতি চলছে। ঈদগাহ ও মসজিদগুলোতে জামাতের প্রস্তুতি সম্পন্ন হয়েছে। জাতীয় ঈদগাহে প্রধান জামাত অনুষ্ঠিত হবে। আবহাওয়া প্রতিকূল থাকলে বায়তুল মোকাররম জাতীয় মসজিদে জামাত আদায় করা হবে। ঈদের দিন সরকারি হাসপাতাল, কারাগার ও এতিমখানায় উন্নতমানের খাবার পরিবেশন করা হবে। মুসলিম উম্মাহর সবচেয়ে বড় ধর্মীয় উৎসব পবিত্র ঈদুল ফিতর উপলক্ষে সারা দেশে প্রস্তুতি চলছে। ঈদগাহ ও মসজিদগুলোতে জামাতের প্রস্তুতি সম্পন্ন হয়েছে। জাতীয় ঈদগাহে প্রধান জামাত অনুষ্ঠিত হবে। আবহাওয়া প্রতিকূল থাকলে বায়তুল মোকাররম জাতীয় মসজিদে জামাত আদায় করা হবে। ঈদের দিন সরকারি হাসপাতাল, কারাগার ও এতিমখানায় উন্নতমানের খাবার পরিবেশন করা হবে। মুসলিম উম্মাহর সবচেয়ে বড় ধর্মীয় উৎসব পবিত্র ঈদুল ফিতর উপলক্ষে সারা দেশে প্রস্তুতি চলছে। ঈদগাহ ও মসজিদগুলোতে জামাতের প্রস্তুতি সম্পন্ন হয়েছে। জাতীয় ঈদগাহে প্রধান জামাত অনুষ্ঠিত হবে। আবহাওয়া প্রতিকূল থাকলে বায়তুল মোকাররম জাতীয় মসজিদে জামাত আদায় করা হবে। ঈদের দিন সরকারি হাসপাতাল, কারাগার ও এতিমখানায় উন্নতমানের খাবার পরিবেশন করা হবে। মুসলিম উম্মাহর সবচেয়ে বড় ধর্মীয় উৎসব পবিত্র ঈদুল ফিতর উপলক্ষে সারা দেশে প্রস্তুতি চলছে। ঈদগাহ ও মসজিদগুলোতে জামাতের প্রস্তুতি সম্পন্ন হয়েছে। জাতীয় ঈদগাহে প্রধান জামাত অনুষ্ঠিত হবে। আবহাওয়া প্রতিকূল থাকলে বায়তুল মোকাররম জাতীয় মসজিদে জামাত আদায় করা হবে। ঈদের দিন সরকারি হাসপাতাল, কারাগার ও এতিমখানায় উন্নতমানের খাবার পরিবেশন করা হবে। মুসলিম উম্মাহর সবচেয়ে বড় ধর্মীয় উৎসব পবিত্র ঈদুল ফিতর উপলক্ষে সারা দেশে প্রস্তুতি চলছে। ঈদগাহ ও মসজিদগুলোতে জামাতের প্রস্তুতি সম্পন্ন হয়েছে। জাতীয় ঈদগাহে প্রধান জামাত অনুষ্ঠিত হবে। আবহাওয়া প্রতিকূল থাকলে বায়তুল মোকাররম জাতীয় মসজিদে জামাত আদায় করা হবে। ঈদের দিন সরকারি হাসপাতাল, কারাগার ও এতিমখানায় উন্নতমানের খাবার পরিবেশন করা হবে। মুসলিম উম্মাহর সবচেয়ে বড় ধর্মীয় উৎসব পবিত্র ঈদুল ফিতর উপলক্ষে সারা দেশে প্রস্তুতি চলছে। ঈদগাহ ও মসজিদগুলোতে জামাতের প্রস্তুতি সম্পন্ন হয়েছে। জাতীয় ঈদগাহে প্রধান জামাত অনুষ্ঠিত হবে। আবহাওয়া প্রতিকূল থাকলে বায়তুল মোকাররম জাতীয় মসজিদে জামাত আদায় করা হবে। ঈদের দিন সরকারি হাসপাতাল, কারাগার ও এতিমখানায় উন্নতমানের খাবার পরিবেশন করা হবে। মুসলিম উম্মাহর সবচেয়ে বড় ধর্মীয় উৎসব পবিত্র ঈদুল ফিতর উপলক্ষে সারা দেশে প্রস্তুতি চলছে। ঈদগাহ ও মসজিদগুলোতে জামাতের প্রস্তুতি সম্পন্ন হয়েছে। জাতীয় ঈদগাহে প্রধান জামাত অনুষ্ঠিত হবে। আবহাওয়া প্রতিকূল থাকলে বায়তুল মোকাররম জাতীয় মসজিদে জামাত আদায় করা হবে। ঈদের দিন সরকারি হাসপাতাল, কারাগার ও এতিমখানায় উন্নতমানের খাবার পরিবেশন করা হবে। মুসলিম উম্মাহর সবচেয়ে বড় ধর্মীয় উৎসব পবিত্র ঈদুল ফিতর উপলক্ষে সারা দেশে প্রস্তুতি চলছে। ঈদগাহ ও মসজিদগুলোতে জামাতের প্রস্তুতি সম্পন্ন হয়েছে। জাতীয় ঈদগাহে প্রধান জামাত অনুষ্ঠিত হবে। আবহাওয়া প্রতিকূল থাকলে বায়তুল মোকাররম জাতীয় মসজিদে জামাত আদায় করা হবে। ঈদের দিন সরকারি হাসপাতাল, কারাগার ও এতিমখানায় উন্নতমানের খাবার পরিবেশন করা হবে। মুসলিম উম্মাহর সবচেয়ে বড় ধর্মীয় উৎসব পবিত্র ঈদুল ফিতর উপলক্ষে সারা দেশে প্রস্তুতি চলছে। ঈদগাহ ও মসজিদগুলোতে জামাতের প্রস্তুতি সম্পন্ন হয়েছে। জাতীয় ঈদগাহে প্রধান জামাত অনুষ্ঠিত হবে। আবহাওয়া প্রতিকূল থাকলে বায়তুল মোকাররম জাতীয় মসজিদে জামাত আদায় করা হবে। ঈদের দিন সরকারি হাসপাতাল, কারাগার ও এতিমখানায় উন্নতমানের খাবার পরিবেশন করা হবে। মুসলিম উম্মাহর সবচেয়ে বড় ধর্মীয় উৎসব পবিত্র ঈদুল ফিতর উপলক্ষে সারা দেশে প্রস্তুতি চলছে। ঈদগাহ ও মসজিদগুলোতে জামাতের প্রস্তুতি সম্পন্ন হয়েছে। জাতীয় ঈদগাহে প্রধান জামাত অনুষ্ঠিত হবে। আবহাওয়া প্রতিকূল থাকলে বায়তুল মোকাররম জাতীয় মসজিদে জামাত আদায় করা হবে। ঈদের দিন সরকারি হাসপাতাল, কারাগার ও এতিমখানায় উন্নতমানের খাবার পরিবেশন করা হবে।
ফিরলেন জামায়াতের
রাজনৈতিক অঙ্গনে নতুন আলোচনা শুরু হয়েছে। দলের বিভিন্ন পর্যায়ের নেতারা সাম্প্রতিক সিদ্ধান্তকে কেন্দ্র করে নিজেদের অবস্থান ব্যাখ্যা করেছেন। দীর্ঘ আলোচনার পর কয়েকজন নেতা সংগঠনে ফিরে আসার ঘোষণা দিয়েছেন। বিশ্লেষকরা মনে করছেন, এ পরিবর্তন আগামী দিনের রাজনীতিতে প্রভাব ফেলতে পারে। রাজনৈতিক অঙ্গনে নতুন আলোচনা শুরু হয়েছে। দলের বিভিন্ন পর্যায়ের নেতারা সাম্প্রতিক সিদ্ধান্তকে কেন্দ্র করে নিজেদের অবস্থান ব্যাখ্যা করেছেন। দীর্ঘ আলোচনার পর কয়েকজন নেতা সংগঠনে ফিরে আসার ঘোষণা দিয়েছেন। বিশ্লেষকরা মনে করছেন, এ পরিবর্তন আগামী দিনের রাজনীতিতে প্রভাব ফেলতে পারে। রাজনৈতিক অঙ্গনে নতুন আলোচনা শুরু হয়েছে। দলের বিভিন্ন পর্যায়ের নেতারা সাম্প্রতিক সিদ্ধান্তকে কেন্দ্র করে নিজেদের অবস্থান ব্যাখ্যা করেছেন। দীর্ঘ আলোচনার পর কয়েকজন নেতা সংগঠনে ফিরে আসার ঘোষণা দিয়েছেন। বিশ্লেষকরা মনে করছেন, এ পরিবর্তন আগামী দিনের রাজনীতিতে প্রভাব ফেলতে পারে। রাজনৈতিক অঙ্গনে নতুন আলোচনা শুরু হয়েছে। দলের বিভিন্ন পর্যায়ের নেতারা সাম্প্রতিক সিদ্ধান্তকে কেন্দ্র করে নিজেদের অবস্থান ব্যাখ্যা করেছেন। দীর্ঘ আলোচনার পর কয়েকজন নেতা সংগঠনে ফিরে আসার ঘোষণা দিয়েছেন। বিশ্লেষকরা মনে করছেন, এ পরিবর্তন আগামী দিনের রাজনীতিতে প্রভাব ফেলতে পারে। রাজনৈতিক অঙ্গনে নতুন আলোচনা শুরু হয়েছে। দলের বিভিন্ন পর্যায়ের নেতারা সাম্প্রতিক সিদ্ধান্তকে কেন্দ্র করে নিজেদের অবস্থান ব্যাখ্যা করেছেন। দীর্ঘ আলোচনার পর কয়েকজন নেতা সংগঠনে ফিরে আসার ঘোষণা দিয়েছেন। বিশ্লেষকরা মনে করছেন, এ পরিবর্তন আগামী দিনের রাজনীতিতে প্রভাব ফেলতে পারে। রাজনৈতিক অঙ্গনে নতুন আলোচনা শুরু হয়েছে। দলের বিভিন্ন পর্যায়ের নেতারা সাম্প্রতিক সিদ্ধান্তকে কেন্দ্র করে নিজেদের অবস্থান ব্যাখ্যা করেছেন। দীর্ঘ আলোচনার পর কয়েকজন নেতা সংগঠনে ফিরে আসার ঘোষণা দিয়েছেন। বিশ্লেষকরা মনে করছেন, এ পরিবর্তন আগামী দিনের রাজনীতিতে প্রভাব ফেলতে পারে। রাজনৈতিক অঙ্গনে নতুন আলোচনা শুরু হয়েছে। দলের বিভিন্ন পর্যায়ের নেতারা সাম্প্রতিক সিদ্ধান্তকে কেন্দ্র করে নিজেদের অবস্থান ব্যাখ্যা করেছেন। দীর্ঘ আলোচনার পর কয়েকজন নেতা সংগঠনে ফিরে আসার ঘোষণা দিয়েছেন। বিশ্লেষকরা মনে করছেন, এ পরিবর্তন আগামী দিনের রাজনীতিতে প্রভাব ফেলতে পারে। রাজনৈতিক অঙ্গনে নতুন আলোচনা শুরু হয়েছে। দলের বিভিন্ন পর্যায়ের নেতারা সাম্প্রতিক সিদ্ধান্তকে কেন্দ্র করে নিজেদের অবস্থান ব্যাখ্যা করেছেন। দীর্ঘ আলোচনার পর কয়েকজন নেতা সংগঠনে ফিরে আসার ঘোষণা দিয়েছেন। বিশ্লেষকরা মনে করছেন, এ পরিবর্তন আগামী দিনের রাজনীতিতে প্রভাব ফেলতে পারে।
মজুরের বর্ণালি
শ্রমজীবী মানুষের জীবনে ঈদের আনন্দ ভিন্ন রূপে ধরা দেয়। নির্মাণশ্রমিক, রিকশাচালক ও দিনমজুররা পরিবারের মুখে হাসি ফোটাতে দিনরাত পরিশ্রম করছেন। অনেকে বেতন-বোনাস না পেয়ে হতাশ। শ্রমিক সংগঠনগুলো ঈদের আগেই সব কারখানায় বেতন-ভাতা পরিশোধের দাবি জানিয়েছে। শ্রমজীবী মানুষের জীবনে ঈদের আনন্দ ভিন্ন রূপে ধরা দেয়। নির্মাণশ্রমিক, রিকশাচালক ও দিনমজুররা পরিবারের মুখে হাসি ফোটাতে দিনরাত পরিশ্রম করছেন। অনেকে বেতন-বোনাস না পেয়ে হতাশ। শ্রমিক সংগঠনগুলো ঈদের আগেই সব কারখানায় বেতন-ভাতা পরিশোধের দাবি জানিয়েছে। শ্রমজীবী মানুষের জীবনে ঈদের আনন্দ ভিন্ন রূপে ধরা দেয়। নির্মাণশ্রমিক, রিকশাচালক ও দিনমজুররা পরিবারের মুখে হাসি ফোটাতে দিনরাত পরিশ্রম করছেন। অনেকে বেতন-বোনাস না পেয়ে হতাশ। শ্রমিক সংগঠনগুলো ঈদের আগেই সব কারখানায় বেতন-ভাতা পরিশোধের দাবি জানিয়েছে। শ্রমজীবী মানুষের জীবনে ঈদের আনন্দ ভিন্ন রূপে ধরা দেয়। নির্মাণশ্রমিক, রিকশাচালক ও দিনমজুররা পরিবারের মুখে হাসি ফোটাতে দিনরাত পরিশ্রম করছেন। অনেকে বেতন-বোনাস না পেয়ে হতাশ। শ্রমিক সংগঠনগুলো ঈদের আগেই সব কারখানায় বেতন-ভাতা পরিশোধের দাবি জানিয়েছে। শ্রমজীবী মানুষের জীবনে ঈদের আনন্দ ভিন্ন রূপে ধরা দেয়। নির্মাণশ্রমিক, রিকশাচালক ও দিনমজুররা পরিবারের মুখে হাসি ফোটাতে দিনরাত পরিশ্রম করছেন। অনেকে বেতন-বোনাস না পেয়ে হতাশ। শ্রমিক সংগঠনগুলো ঈদের আগেই সব কারখানায় বেতন-ভাতা পরিশোধের দাবি জানিয়েছে। শ্রমজীবী মানুষের জীবনে ঈদের আনন্দ ভিন্ন রূপে ধরা দেয়। নির্মাণশ্রমিক, রিকশাচালক ও দিনমজুররা পরিবারের মুখে হাসি ফোটাতে দিনরাত পরিশ্রম করছেন। অনেকে বেতন-বোনাস না পেয়ে হতাশ। শ্রমিক সংগঠনগুলো ঈদের আগেই সব কারখানায় বেতন-ভাতা পরিশোধের দাবি জানিয়েছে। শ্রমজীবী মানুষের জীবনে ঈদের আনন্দ ভিন্ন রূপে ধরা দেয়। নির্মাণশ্রমিক, রিকশাচালক ও দিনমজুররা পরিবারের মুখে হাসি ফোটাতে দিনরাত পরিশ্রম করছেন। অনেকে বেতন-বোনাস না পেয়ে হতাশ। শ্রমিক সংগঠনগুলো ঈদের আগেই সব কারখানায় বেতন-ভাতা পরিশোধের দাবি জানিয়েছে।
বাদে সিংহ লড়াই
খেলার মাঠে দুই দলের মধ্যে তুমুল লড়াই দেখল দর্শকরা। শুরু থেকেই আক্রমণাত্মক খেলায় দুই দলই জয়ের জন্য মরিয়া ছিল। শেষ মুহূর্তের নাটকীয়তায় ম্যাচের ফল নির্ধারিত হয়। কোচ জানিয়েছেন, খেলোয়াড়দের লড়াকু মানসিকতাই দলের সবচেয়ে বড় শক্তি। আগামী ম্যাচের জন্য প্রস্তুতি শুরু হয়েছে। খেলার মাঠে দুই দলের মধ্যে তুমুল লড়াই দেখল দর্শকরা। শুরু থেকেই আক্রমণাত্মক খেলায় দুই দলই জয়ের জন্য মরিয়া ছিল। শেষ মুহূর্তের নাটকীয়তায় ম্যাচের ফল নির্ধারিত হয়। কোচ জানিয়েছেন, খেলোয়াড়দের লড়াকু মানসিকতাই দলের সবচেয়ে বড় শক্তি। আগামী ম্যাচের জন্য প্রস্তুতি শুরু হয়েছে। খেলার মাঠে দুই দলের মধ্যে তুমুল লড়াই দেখল দর্শকরা। শুরু থেকেই আক্রমণাত্মক খেলায় দুই দলই জয়ের জন্য মরিয়া ছিল। শেষ মুহূর্তের নাটকীয়তায় ম্যাচের ফল নির্ধারিত হয়। কোচ জানিয়েছেন, খেলোয়াড়দের লড়াকু মানসিকতাই দলের সবচেয়ে বড় শক্তি। আগামী ম্যাচের জন্য প্রস্তুতি শুরু হয়েছে। খেলার মাঠে দুই দলের মধ্যে তুমুল লড়াই দেখল দর্শকরা। শুরু থেকেই আক্রমণাত্মক খেলায় দুই দলই জয়ের জন্য মরিয়া ছিল। শেষ মুহূর্তের নাটকীয়তায় ম্যাচের ফল নির্ধারিত হয়। কোচ জানিয়েছেন, খেলোয়াড়দের লড়াকু মানসিকতাই দলের সবচেয়ে বড় শক্তি। আগামী ম্যাচের জন্য প্রস্তুতি শুরু হয়েছে। খেলার মাঠে দুই দলের মধ্যে তুমুল লড়াই দেখল দর্শকরা। শুরু থেকেই আক্রমণাত্মক খেলায় দুই দলই জয়ের জন্য মরিয়া ছিল। শেষ মুহূর্তের নাটকীয়তায় ম্যাচের ফল নির্ধারিত হয়। কোচ জানিয়েছেন, খেলোয়াড়দের লড়াকু মানসিকতাই দলের সবচেয়ে বড় শক্তি। আগামী ম্যাচের জন্য প্রস্তুতি শুরু হয়েছে। খেলার মাঠে দুই দলের মধ্যে তুমুল লড়াই দেখল দর্শকরা। শুরু থেকেই আক্রমণাত্মক খেলায় দুই দলই জয়ের জন্য মরিয়া ছিল। শেষ মুহূর্তের নাটকীয়তায় ম্যাচের ফল নির্ধারিত হয়। কোচ জানিয়েছেন, খেলোয়াড়দের লড়াকু মানসিকতাই দলের সবচেয়ে বড় শক্তি। আগামী ম্যাচের জন্য প্রস্তুতি শুরু হয়েছে। খেলার মাঠে দুই দলের মধ্যে তুমুল লড়াই দেখল দর্শকরা। শুরু থেকেই আক্রমণাত্মক খেলায় দুই দলই জয়ের জন্য মরিয়া ছিল। শেষ মুহূর্তের নাটকীয়তায় ম্যাচের ফল নির্ধারিত হয়। কোচ জানিয়েছেন, খেলোয়াড়দের লড়াকু মানসিকতাই দলের সবচেয়ে বড় শক্তি। আগামী ম্যাচের জন্য প্রস্তুতি শুরু হয়েছে। খেলার মাঠে দুই দলের মধ্যে তুমুল লড়াই দেখল দর্শকরা। শুরু থেকেই আক্রমণাত্মক খেলায় দুই দলই জয়ের জন্য মরিয়া ছিল। শেষ মুহূর্তের নাটকীয়তায় ম্যাচের ফল নির্ধারিত হয়। কোচ জানিয়েছেন, খেলোয়াড়দের লড়াকু মানসিকতাই দলের সবচেয়ে বড় শক্তি। আগামী ম্যাচের জন্য প্রস্তুতি শুরু হয়েছে। খেলার মাঠে দুই দলের মধ্যে তুমুল লড়াই দেখল দর্শকরা। শুরু থেকেই আক্রমণাত্মক খেলায় দুই দলই জয়ের জন্য মরিয়া ছিল। শেষ মুহূর্তের নাটকীয়তায় ম্যাচের ফল নির্ধারিত হয়। কোচ জানিয়েছেন, খেলোয়াড়দের লড়াকু মানসিকতাই দলের সবচেয়ে বড় শক্তি। আগামী ম্যাচের জন্য প্রস্তুতি শুরু হয়েছে। খেলার মাঠে দুই দলের মধ্যে তুমুল লড়াই দেখল দর্শকরা। শুরু থেকেই আক্রমণাত্মক খেলায় দুই দলই জয়ের জন্য মরিয়া ছিল। শেষ মুহূর্তের নাটকীয়তায় ম্যাচের ফল নির্ধারিত হয়। কোচ জানিয়েছেন, খেলোয়াড়দের লড়াকু মানসিকতাই দলের সবচেয়ে বড় শক্তি। আগামী ম্যাচের জন্য প্রস্তুতি শুরু হয়েছে।
বিমানের পাইলটের
রাষ্ট্রীয় বিমান সংস্থার পাইলট নিয়োগ ও প্রশিক্ষণ নিয়ে নানা প্রশ্ন উঠেছে। সংশ্লিষ্ট মন্ত্রণালয় বিষয়টি তদন্তে কমিটি গঠন করেছে। কমিটিকে নির্ধারিত সময়ের মধ্যে প্রতিবেদন জমা দিতে বলা হয়েছে। কর্তৃপক্ষ জানিয়েছে, যাত্রী নিরাপত্তার প্রশ্নে কোনো ধরনের ছাড় দেওয়া হবে না। রাষ্ট্রীয় বিমান সংস্থার পাইলট নিয়োগ ও প্রশিক্ষণ নিয়ে নানা প্রশ্ন উঠেছে। সংশ্লিষ্ট মন্ত্রণালয় বিষয়টি তদন্তে কমিটি গঠন করেছে। কমিটিকে নির্ধারিত সময়ের মধ্যে প্রতিবেদন জমা দিতে বলা হয়েছে। কর্তৃপক্ষ জানিয়েছে, যাত্রী নিরাপত্তার প্রশ্নে কোনো ধরনের ছাড় দেওয়া হবে না। রাষ্ট্রীয় বিমান সংস্থার পাইলট নিয়োগ ও প্রশিক্ষণ নিয়ে নানা প্রশ্ন উঠেছে। সংশ্লিষ্ট মন্ত্রণালয় বিষয়টি তদন্তে কমিটি গঠন করেছে। কমিটিকে নির্ধারিত সময়ের মধ্যে প্রতিবেদন জমা দিতে বলা হয়েছে। কর্তৃপক্ষ জানিয়েছে, যাত্রী নিরাপত্তার প্রশ্নে কোনো ধরনের ছাড় দেওয়া হবে না। রাষ্ট্রীয় বিমান সংস্থার পাইলট নিয়োগ ও প্রশিক্ষণ নিয়ে নানা প্রশ্ন উঠেছে। সংশ্লিষ্ট মন্ত্রণালয় বিষয়টি তদন্তে কমিটি গঠন করেছে। কমিটিকে নির্ধারিত সময়ের মধ্যে প্রতিবেদন জমা দিতে বলা হয়েছে। কর্তৃপক্ষ জানিয়েছে, যাত্রী নিরাপত্তার প্রশ্নে কোনো ধরনের ছাড় দেওয়া হবে না। রাষ্ট্রীয় বিমান সংস্থার পাইলট নিয়োগ ও প্রশিক্ষণ নিয়ে নানা প্রশ্ন উঠেছে। সংশ্লিষ্ট মন্ত্রণালয় বিষয়টি তদন্তে কমিটি গঠন করেছে। কমিটিকে নির্ধারিত সময়ের মধ্যে প্রতিবেদন জমা দিতে বলা হয়েছে। কর্তৃপক্ষ জানিয়েছে, যাত্রী নিরাপত্তার প্রশ্নে কোনো ধরনের ছাড় দেওয়া হবে না। রাষ্ট্রীয় বিমান সংস্থার পাইলট নিয়োগ ও প্রশিক্ষণ নিয়ে নানা প্রশ্ন উঠেছে। সংশ্লিষ্ট মন্ত্রণালয় বিষয়টি তদন্তে কমিটি গঠন করেছে। কমিটিকে নির্ধারিত সময়ের মধ্যে প্রতিবেদন জমা দিতে বলা হয়েছে। কর্তৃপক্ষ জানিয়েছে, যাত্রী নিরাপত্তার প্রশ্নে কোনো ধরনের ছাড় দেওয়া হবে না। রাষ্ট্রীয় বিমান সংস্থার পাইলট নিয়োগ ও প্রশিক্ষণ নিয়ে নানা প্রশ্ন উঠেছে। সংশ্লিষ্ট মন্ত্রণালয় বিষয়টি তদন্তে কমিটি গঠন করেছে। কমিটিকে নির্ধারিত সময়ের মধ্যে প্রতিবেদন জমা দিতে বলা হয়েছে। কর্তৃপক্ষ জানিয়েছে, যাত্রী নিরাপত্তার প্রশ্নে কোনো ধরনের ছাড় দেওয়া হবে না। রাষ্ট্রীয় বিমান সংস্থার পাইলট নিয়োগ ও প্রশিক্ষণ নিয়ে নানা প্রশ্ন উঠেছে। সংশ্লিষ্ট মন্ত্রণালয় বিষয়টি তদন্তে কমিটি গঠন করেছে। কমিটিকে নির্ধারিত সময়ের মধ্যে প্রতিবেদন জমা দিতে বলা হয়েছে। কর্তৃপক্ষ জানিয়েছে, যাত্রী নিরাপত্তার প্রশ্নে কোনো ধরনের ছাড় দেওয়া হবে না। রাষ্ট্রীয় বিমান সংস্থার পাইলট নিয়োগ ও প্রশিক্ষণ নিয়ে নানা প্রশ্ন উঠেছে। সংশ্লিষ্ট মন্ত্রণালয় বিষয়টি তদন্তে কমিটি গঠন করেছে। কমিটিকে নির্ধারিত সময়ের মধ্যে প্রতিবেদন জমা দিতে বলা হয়েছে। কর্তৃপক্ষ জানিয়েছে, যাত্রী নিরাপত্তার প্রশ্নে কোনো ধরনের ছাড় দেওয়া হবে না। রাষ্ট্রীয় বিমান সংস্থার পাইলট নিয়োগ ও প্রশিক্ষণ নিয়ে নানা প্রশ্ন উঠেছে। সংশ্লিষ্ট মন্ত্রণালয় বিষয়টি তদন্তে কমিটি গঠন করেছে। কমিটিকে নির্ধারিত সময়ের মধ্যে প্রতিবেদন জমা দিতে বলা হয়েছে। কর্তৃপক্ষ জানিয়েছে, যাত্রী নিরাপত্তার প্রশ্নে কোনো ধরনের ছাড় দেওয়া হবে না।
কক্সবাজার প্রতিনিধি জানান, রোহিঙ্গা শরণার্থীদের চাপে স্থানীয় জনজীবনে নানা সংকট দেখা দিয়েছে। বনভূমি উজাড়, পানির স্তর নেমে যাওয়া এবং শ্রমবাজারে প্রতিযোগিতা বাড়ায় স্থানীয় বাসিন্দারা ক্ষোভ প্রকাশ করছেন। উখিয়া ও টেকনাফের বিভিন্ন এলাকায় পরিবেশগত ক্ষতি দিন দিন বাড়ছে। সংশ্লিষ্টরা দ্রুত প্রত্যাবাসন শুরুর দাবি জানিয়েছেন। কক্সবাজার প্রতিনিধি জানান, রোহিঙ্গা শরণার্থীদের চাপে স্থানীয় জনজীবনে নানা সংকট দেখা দিয়েছে। বনভূমি উজাড়, পানির স্তর নেমে যাওয়া এবং শ্রমবাজারে প্রতিযোগিতা বাড়ায় স্থানীয় বাসিন্দারা ক্ষোভ প্রকাশ করছেন। উখিয়া ও টেকনাফের বিভিন্ন এলাকায় পরিবেশগত ক্ষতি দিন দিন বাড়ছে। সংশ্লিষ্টরা দ্রুত প্রত্যাবাসন শুরুর দাবি জানিয়েছেন। কক্সবাজার প্রতিনিধি জানান, রোহিঙ্গা শরণার্থীদের চাপে স্থানীয় জনজীবনে নানা সংকট দেখা দিয়েছে। বনভূমি উজাড়, পানির স্তর নেমে যাওয়া এবং শ্রমবাজারে প্রতিযোগিতা বাড়ায় স্থানীয় বাসিন্দারা ক্ষোভ প্রকাশ করছেন। উখিয়া ও টেকনাফের বিভিন্ন এলাকায় পরিবেশগত ক্ষতি দিন দিন বাড়ছে। সংশ্লিষ্টরা দ্রুত প্রত্যাবাসন শুরুর দাবি জানিয়েছেন। কক্সবাজার প্রতিনিধি জানান, রোহিঙ্গা শরণার্থীদের চাপে স্থানীয় জনজীবনে নানা সংকট দেখা দিয়েছে। বনভূমি উজাড়, পানির স্তর নেমে যাওয়া এবং শ্রমবাজারে প্রতিযোগিতা বাড়ায় স্থানীয় বাসিন্দারা ক্ষোভ প্রকাশ করছেন। উখিয়া ও টেকনাফের বিভিন্ন এলাকায় পরিবেশগত ক্ষতি দিন দিন বাড়ছে। সংশ্লিষ্টরা দ্রুত প্রত্যাবাসন শুরুর দাবি জানিয়েছেন। কক্সবাজার প্রতিনিধি জানান, রোহিঙ্গা শরণার্থীদের চাপে স্থানীয় জনজীবনে নানা সংকট দেখা দিয়েছে। বনভূমি উজাড়, পানির স্তর নেমে যাওয়া এবং শ্রমবাজারে প্রতিযোগিতা বাড়ায় স্থানীয় বাসিন্দারা ক্ষোভ প্রকাশ করছেন। উখিয়া ও টেকনাফের বিভিন্ন এলাকায় পরিবেশগত ক্ষতি দিন দিন বাড়ছে। সংশ্লিষ্টরা দ্রুত প্রত্যাবাসন শুরুর দাবি জানিয়েছেন। কক্সবাজার প্রতিনিধি জানান, রোহিঙ্গা শরণার্থীদের চাপে স্থানীয় জনজীবনে নানা সংকট দেখা দিয়েছে। বনভূমি উজাড়, পানির স্তর নেমে যাওয়া এবং শ্রমবাজারে প্রতিযোগিতা বাড়ায় স্থানীয় বাসিন্দারা ক্ষোভ প্রকাশ করছেন। উখিয়া ও টেকনাফের বিভিন্ন এলাকায় পরিবেশগত ক্ষতি দিন দিন বাড়ছে। সংশ্লিষ্টরা দ্রুত প্রত্যাবাসন শুরুর দাবি জানিয়েছেন। কক্সবাজার প্রতিনিধি জানান, রোহিঙ্গা শরণার্থীদের চাপে স্থানীয় জনজীবনে নানা সংকট দেখা দিয়েছে। বনভূমি উজাড়, পানির স্তর নেমে যাওয়া এবং শ্রমবাজারে প্রতিযোগিতা বাড়ায় স্থানীয় বাসিন্দারা ক্ষোভ প্রকাশ করছেন। উখিয়া ও টেকনাফের বিভিন্ন এলাকায় পরিবেশগত ক্ষতি দিন দিন বাড়ছে। সংশ্লিষ্টরা দ্রুত প্রত্যাবাসন শুরুর দাবি জানিয়েছেন। কক্সবাজার প্রতিনিধি জানান, রোহিঙ্গা শরণার্থীদের চাপে স্থানীয় জনজীবনে নানা সংকট দেখা দিয়েছে। বনভূমি উজাড়, পানির স্তর নেমে যাওয়া এবং শ্রমবাজারে প্রতিযোগিতা বাড়ায় স্থানীয় বাসিন্দারা ক্ষোভ প্রকাশ করছেন। উখিয়া ও টেকনাফের বিভিন্ন এলাকায় পরিবেশগত ক্ষতি দিন দিন বাড়ছে। সংশ্লিষ্টরা দ্রুত প্রত্যাবাসন শুরুর দাবি জানিয়েছেন। কক্সবাজার প্রতিনিধি জানান, রোহিঙ্গা শরণার্থীদের চাপে স্থানীয় জনজীবনে নানা সংকট দেখা দিয়েছে। বনভূমি উজাড়, পানির স্তর নেমে যাওয়া এবং শ্রমবাজারে প্রতিযোগিতা বাড়ায় স্থানীয় বাসিন্দারা ক্ষোভ প্রকাশ করছেন। উখিয়া ও টেকনাফের বিভিন্ন এলাকায় পরিবেশগত ক্ষতি দিন দিন বাড়ছে। সংশ্লিষ্টরা দ্রুত প্রত্যাবাসন শুরুর দাবি জানিয়েছেন। কক্সবাজার প্রতিনিধি জানান, রোহিঙ্গা শরণার্থীদের চাপে স্থানীয় জনজীবনে নানা সংকট দেখা দিয়েছে। বনভূমি উজাড়, পানির স্তর নেমে যাওয়া এবং শ্রমবাজারে প্রতিযোগিতা বাড়ায় স্থানীয় বাসিন্দারা ক্ষোভ প্রকাশ করছেন। উখিয়া ও টেকনাফের বিভিন্ন এলাকায় পরিবেশগত ক্ষতি দিন দিন বাড়ছে। সংশ্লিষ্টরা দ্রুত প্রত্যাবাসন শুরুর দাবি জানিয়েছেন। কক্সবাজার প্রতিনিধি জানান, রোহিঙ্গা শরণার্থীদের চাপে স্থানীয় জনজীবনে নানা সংকট দেখা দিয়েছে। বনভূমি উজাড়, পানির স্তর নেমে যাওয়া এবং শ্রমবাজারে প্রতিযোগিতা বাড়ায় স্থানীয় বাসিন্দারা ক্ষোভ প্রকাশ করছেন। উখিয়া ও টেকনাফের বিভিন্ন এলাকায় পরিবেশগত ক্ষতি দিন দিন বাড়ছে। সংশ্লিষ্টরা দ্রুত প্রত্যাবাসন শুরুর দাবি জানিয়েছেন। কক্সবাজার প্রতিনিধি জানান, রোহিঙ্গা শরণার্থীদের চাপে স্থানীয় জনজীবনে নানা সংকট দেখা দিয়েছে। বনভূমি উজাড়, পানির স্তর নেমে যাওয়া এবং শ্রমবাজারে প্রতিযোগিতা বাড়ায় স্থানীয় বাসিন্দারা ক্ষোভ প্রকাশ করছেন। উখিয়া ও টেকনাফের বিভিন্ন এলাকায় পরিবেশগত ক্ষতি দিন দিন বাড়ছে। সংশ্লিষ্টরা দ্রুত প্রত্যাবাসন শুরুর দাবি জানিয়েছেন।
